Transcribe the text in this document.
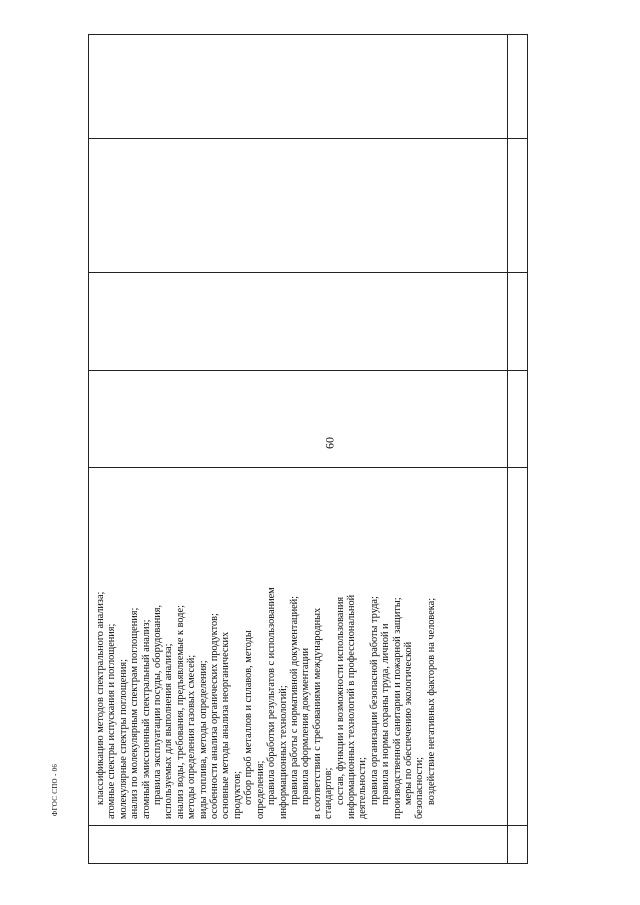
60
классификацию методов спектрального анализа; атомные спектры испускания и поглощения; молекулярные спектры поглощения; анализ по молекулярным спектрам поглощения; атомный эмиссионный спектральный анализ; правила эксплуатации посуды, оборудования, используемых для выполнения анализа; анализ воды, требования, предъявляемые к воде; методы определения газовых смесей; виды топлива, методы определения; особенности анализа органических продуктов; основные методы анализа неорганических продуктов; отбор проб металлов и сплавов, методы определения; правила обработки результатов с использованием информационных технологий; правила работы с нормативной документацией; правила оформления документации в соответствии с требованиями международных стандартов; состав, функции и возможности использования информационных технологий в профессиональной деятельности; правила организации безопасной работы труда; правила и нормы охраны труда, личной и производственной санитарии и пожарной защиты; меры по обеспечению экологической безопасности; воздействие негативных факторов на человека;
ФГОС СПО - 06
